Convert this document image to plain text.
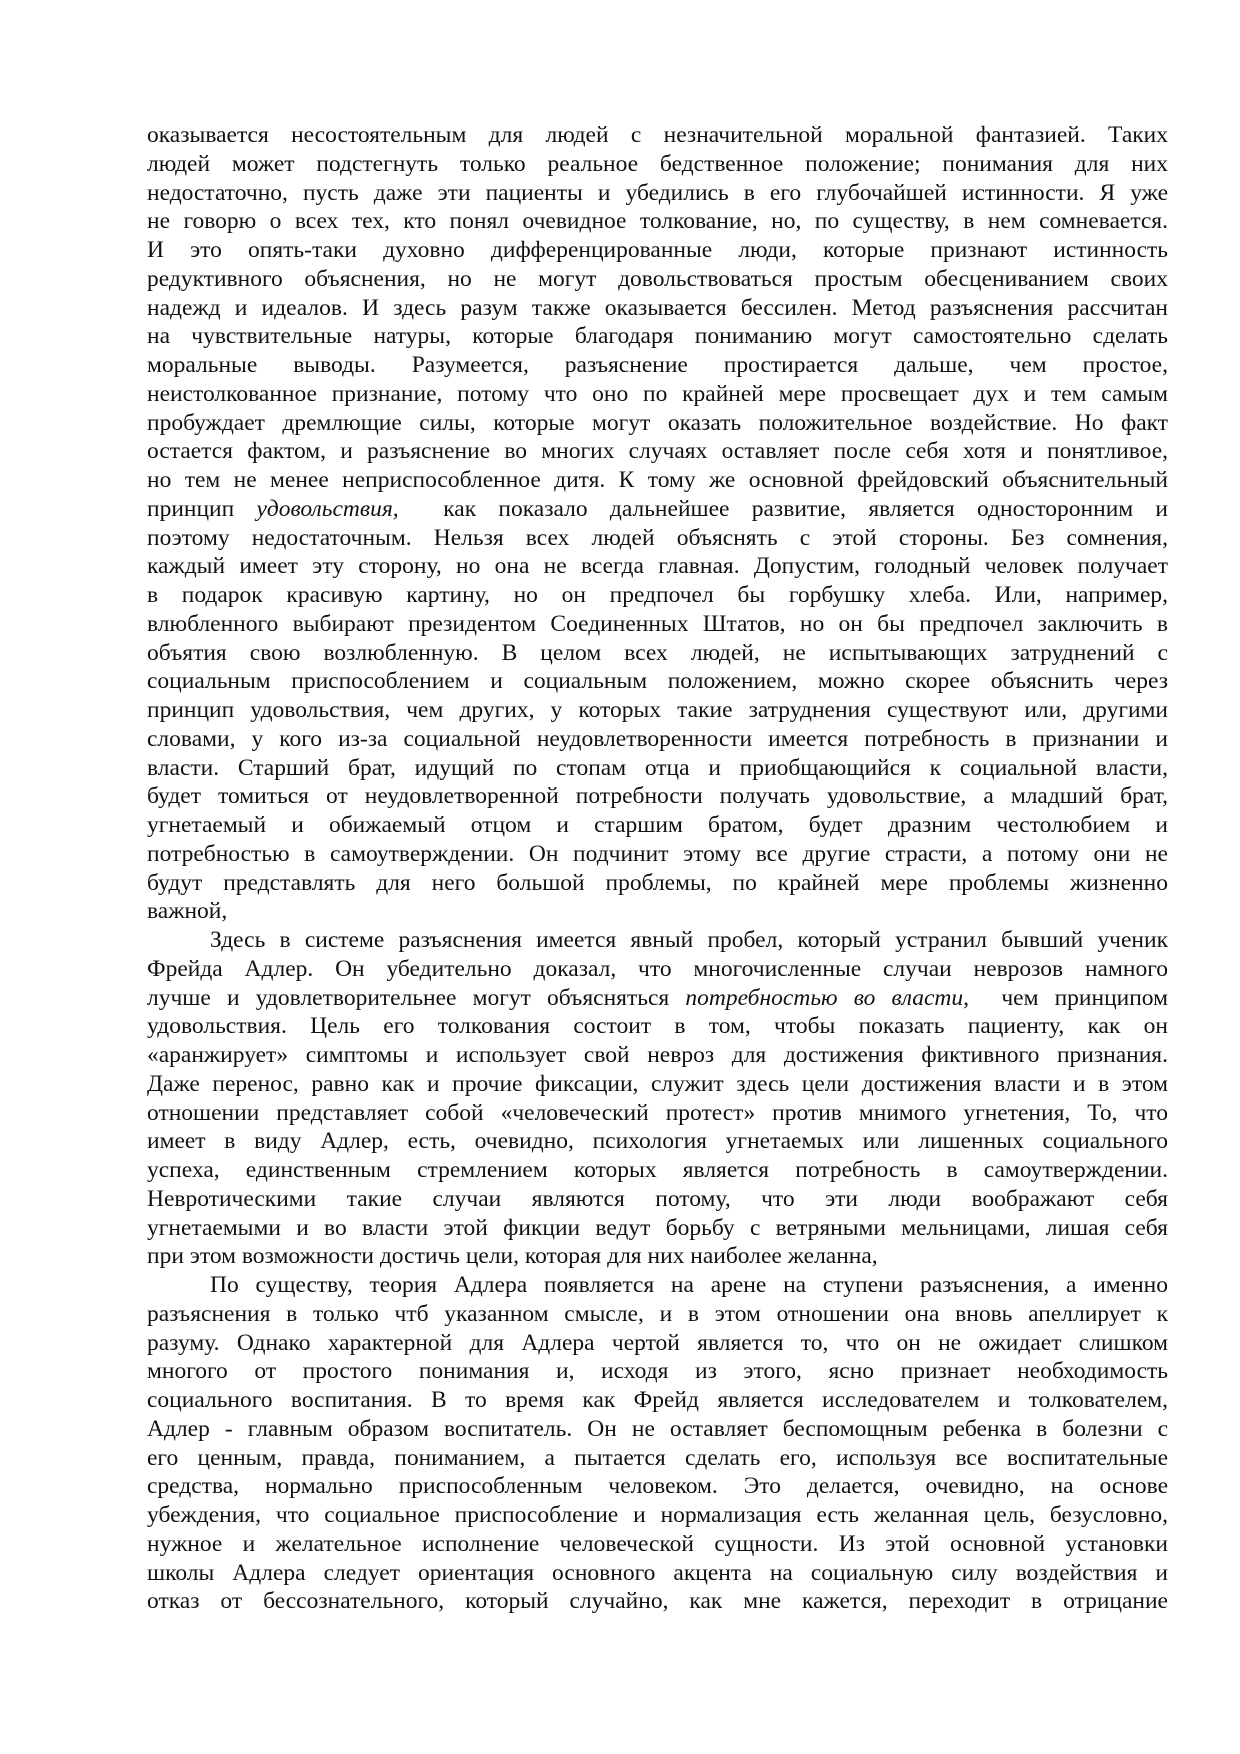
оказывается несостоятельным для людей с незначительной моральной фантазией. Таких
людей может подстегнуть только реальное бедственное положение; понимания для них
недостаточно, пусть даже эти пациенты и убедились в его глубочайшей истинности. Я уже
не говорю о всех тех, кто понял очевидное толкование, но, по существу, в нем сомневается.
И это опять-таки духовно дифференцированные люди, которые признают истинность
редуктивного объяснения, но не могут довольствоваться простым обесцениванием своих
надежд и идеалов. И здесь разум также оказывается бессилен. Метод разъяснения рассчитан
на чувствительные натуры, которые благодаря пониманию могут самостоятельно сделать
моральные выводы. Разумеется, разъяснение простирается дальше, чем простое,
неистолкованное признание, потому что оно по крайней мере просвещает дух и тем самым
пробуждает дремлющие силы, которые могут оказать положительное воздействие. Но факт
остается фактом, и разъяснение во многих случаях оставляет после себя хотя и понятливое,
но тем не менее неприспособленное дитя. К тому же основной фрейдовский объяснительный
принцип удовольствия,  как показало дальнейшее развитие, является односторонним и
поэтому недостаточным. Нельзя всех людей объяснять с этой стороны. Без сомнения,
каждый имеет эту сторону, но она не всегда главная. Допустим, голодный человек получает
в подарок красивую картину, но он предпочел бы горбушку хлеба. Или, например,
влюбленного выбирают президентом Соединенных Штатов, но он бы предпочел заключить в
объятия свою возлюбленную. В целом всех людей, не испытывающих затруднений с
социальным приспособлением и социальным положением, можно скорее объяснить через
принцип удовольствия, чем других, у которых такие затруднения существуют или, другими
словами, у кого из-за социальной неудовлетворенности имеется потребность в признании и
власти. Старший брат, идущий по стопам отца и приобщающийся к социальной власти,
будет томиться от неудовлетворенной потребности получать удовольствие, а младший брат,
угнетаемый и обижаемый отцом и старшим братом, будет дразним честолюбием и
потребностью в самоутверждении. Он подчинит этому все другие страсти, а потому они не
будут представлять для него большой проблемы, по крайней мере проблемы жизненно
важной,
Здесь в системе разъяснения имеется явный пробел, который устранил бывший ученик
Фрейда Адлер. Он убедительно доказал, что многочисленные случаи неврозов намного
лучше и удовлетворительнее могут объясняться потребностью во власти,  чем принципом
удовольствия. Цель его толкования состоит в том, чтобы показать пациенту, как он
«аранжирует» симптомы и использует свой невроз для достижения фиктивного признания.
Даже перенос, равно как и прочие фиксации, служит здесь цели достижения власти и в этом
отношении представляет собой «человеческий протест» против мнимого угнетения, То, что
имеет в виду Адлер, есть, очевидно, психология угнетаемых или лишенных социального
успеха, единственным стремлением которых является потребность в самоутверждении.
Невротическими такие случаи являются потому, что эти люди воображают себя
угнетаемыми и во власти этой фикции ведут борьбу с ветряными мельницами, лишая себя
при этом возможности достичь цели, которая для них наиболее желанна,
По существу, теория Адлера появляется на арене на ступени разъяснения, а именно
разъяснения в только чтб указанном смысле, и в этом отношении она вновь апеллирует к
разуму. Однако характерной для Адлера чертой является то, что он не ожидает слишком
многого от простого понимания и, исходя из этого, ясно признает необходимость
социального воспитания. В то время как Фрейд является исследователем и толкователем,
Адлер - главным образом воспитатель. Он не оставляет беспомощным ребенка в болезни с
его ценным, правда, пониманием, а пытается сделать его, используя все воспитательные
средства, нормально приспособленным человеком. Это делается, очевидно, на основе
убеждения, что социальное приспособление и нормализация есть желанная цель, безусловно,
нужное и желательное исполнение человеческой сущности. Из этой основной установки
школы Адлера следует ориентация основного акцента на социальную силу воздействия и
отказ от бессознательного, который случайно, как мне кажется, переходит в отрицание
